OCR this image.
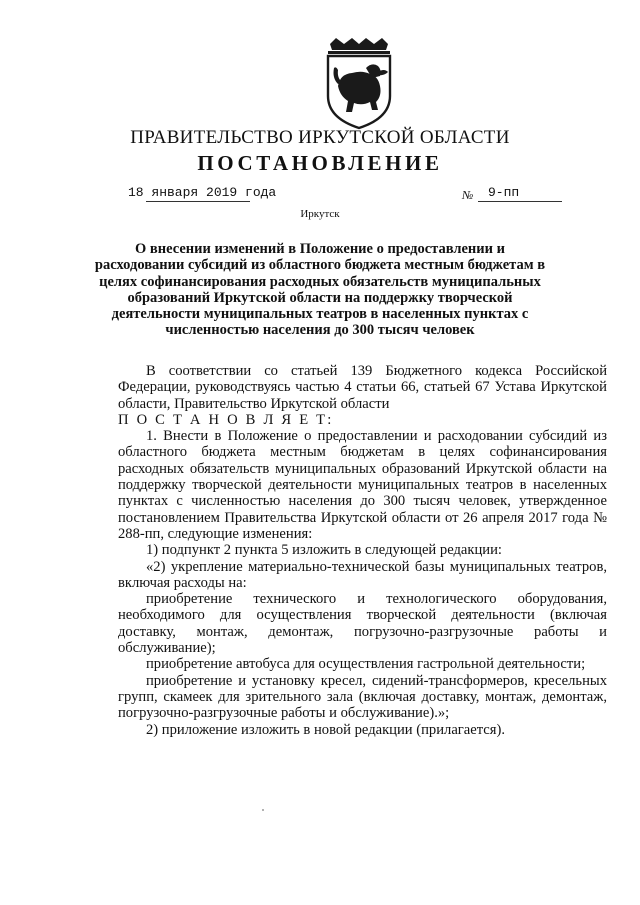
ПРАВИТЕЛЬСТВО ИРКУТСКОЙ ОБЛАСТИ
ПОСТАНОВЛЕНИЕ
18 января 2019 года	№ 9-пп
Иркутск
О внесении изменений в Положение о предоставлении и расходовании субсидий из областного бюджета местным бюджетам в целях софинансирования расходных обязательств муниципальных образований Иркутской области на поддержку творческой деятельности муниципальных театров в населенных пунктах с численностью населения до 300 тысяч человек

В соответствии со статьей 139 Бюджетного кодекса Российской Федерации, руководствуясь частью 4 статьи 66, статьей 67 Устава Иркутской области, Правительство Иркутской области

П О С Т А Н О В Л Я Е Т:

1. Внести в Положение о предоставлении и расходовании субсидий из областного бюджета местным бюджетам в целях софинансирования расходных обязательств муниципальных образований Иркутской области на поддержку творческой деятельности муниципальных театров в населенных пунктах с численностью населения до 300 тысяч человек, утвержденное постановлением Правительства Иркутской области от 26 апреля 2017 года № 288-пп, следующие изменения:

1) подпункт 2 пункта 5 изложить в следующей редакции:

«2) укрепление материально-технической базы муниципальных театров, включая расходы на:

приобретение технического и технологического оборудования, необходимого для осуществления творческой деятельности (включая доставку, монтаж, демонтаж, погрузочно-разгрузочные работы и обслуживание);

приобретение автобуса для осуществления гастрольной деятельности;

приобретение и установку кресел, сидений-трансформеров, кресельных групп, скамеек для зрительного зала (включая доставку, монтаж, демонтаж, погрузочно-разгрузочные работы и обслуживание).»;

2) приложение изложить в новой редакции (прилагается).
